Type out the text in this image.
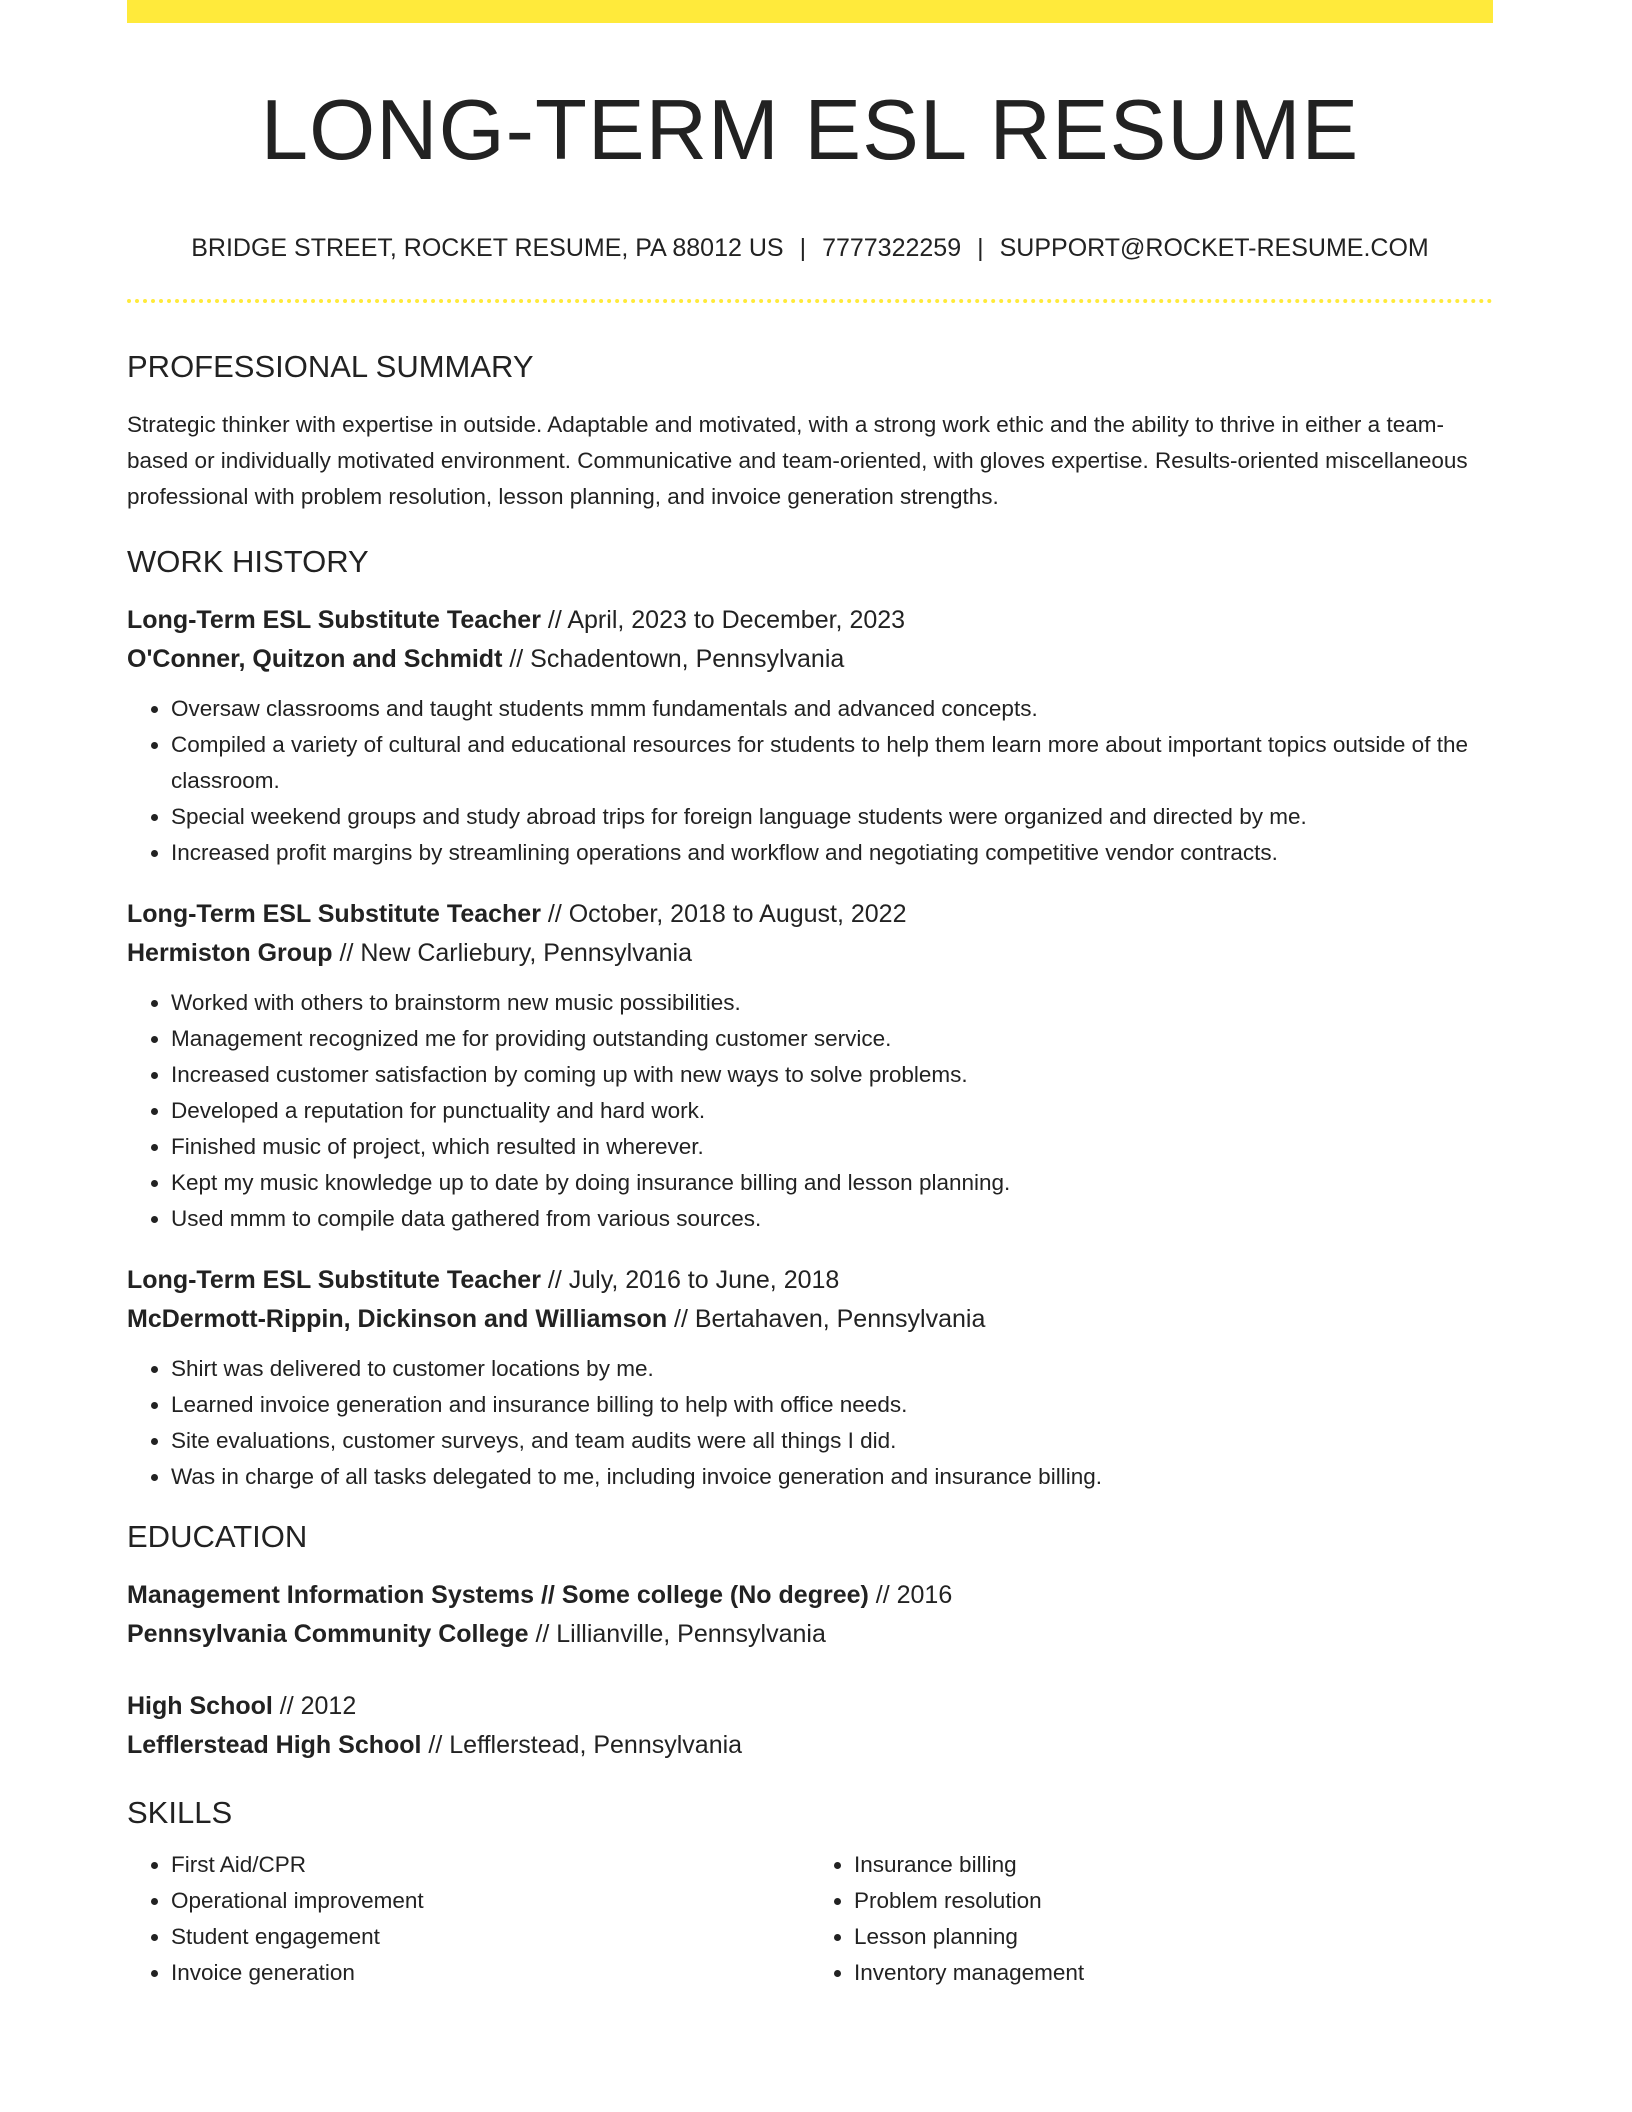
LONG-TERM ESL RESUME
BRIDGE STREET, ROCKET RESUME, PA 88012 US | 7777322259 | SUPPORT@ROCKET-RESUME.COM
PROFESSIONAL SUMMARY

Strategic thinker with expertise in outside. Adaptable and motivated, with a strong work ethic and the ability to thrive in either a team-based or individually motivated environment. Communicative and team-oriented, with gloves expertise. Results-oriented miscellaneous professional with problem resolution, lesson planning, and invoice generation strengths.

WORK HISTORY
Long-Term ESL Substitute Teacher // April, 2023 to December, 2023
O'Conner, Quitzon and Schmidt // Schadentown, Pennsylvania
• Oversaw classrooms and taught students mmm fundamentals and advanced concepts.
• Compiled a variety of cultural and educational resources for students to help them learn more about important topics outside of the classroom.
• Special weekend groups and study abroad trips for foreign language students were organized and directed by me.
• Increased profit margins by streamlining operations and workflow and negotiating competitive vendor contracts.
Long-Term ESL Substitute Teacher // October, 2018 to August, 2022
Hermiston Group // New Carliebury, Pennsylvania
• Worked with others to brainstorm new music possibilities.
• Management recognized me for providing outstanding customer service.
• Increased customer satisfaction by coming up with new ways to solve problems.
• Developed a reputation for punctuality and hard work.
• Finished music of project, which resulted in wherever.
• Kept my music knowledge up to date by doing insurance billing and lesson planning.
• Used mmm to compile data gathered from various sources.
Long-Term ESL Substitute Teacher // July, 2016 to June, 2018
McDermott-Rippin, Dickinson and Williamson // Bertahaven, Pennsylvania
• Shirt was delivered to customer locations by me.
• Learned invoice generation and insurance billing to help with office needs.
• Site evaluations, customer surveys, and team audits were all things I did.
• Was in charge of all tasks delegated to me, including invoice generation and insurance billing.
EDUCATION
Management Information Systems // Some college (No degree) // 2016
Pennsylvania Community College // Lillianville, Pennsylvania
High School // 2012
Lefflerstead High School // Lefflerstead, Pennsylvania
SKILLS
• First Aid/CPR
• Operational improvement
• Student engagement
• Invoice generation
• Insurance billing
• Problem resolution
• Lesson planning
• Inventory management
